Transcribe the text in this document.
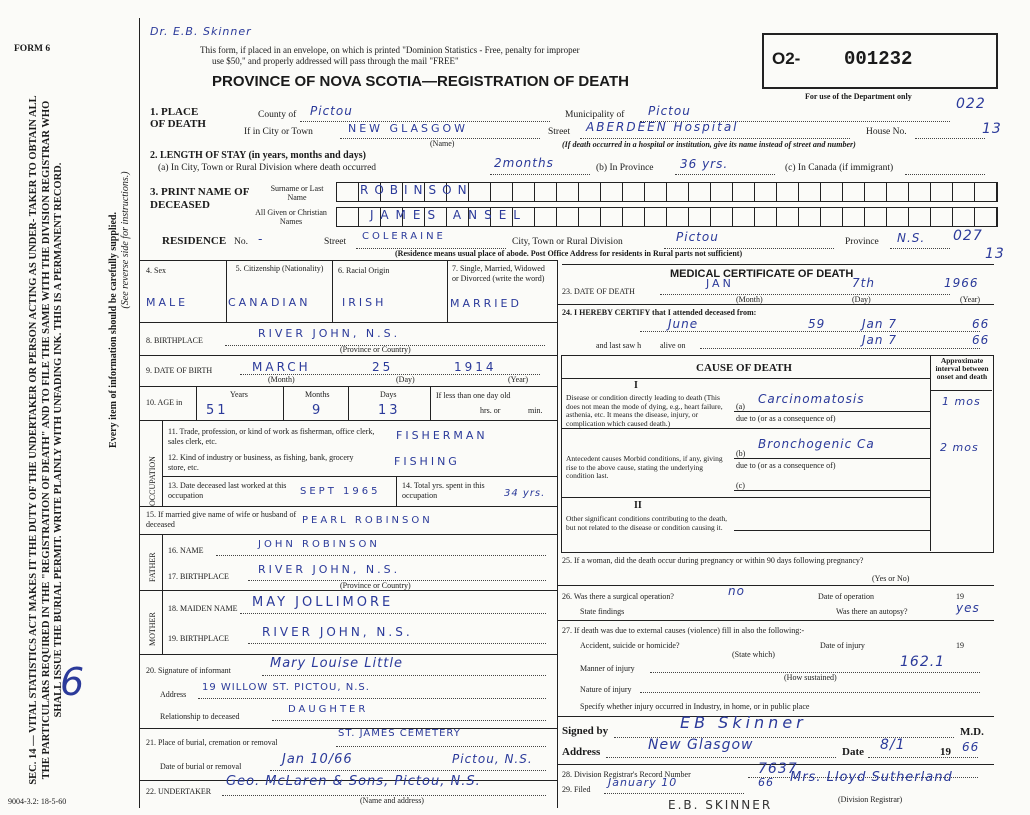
SEC. 14 — VITAL STATISTICS ACT MAKES IT THE DUTY OF THE UNDERTAKER OR PERSON ACTING AS UNDER- TAKER TO OBTAIN ALL THE PARTICULARS REQUIRED IN THE "REGISTRATION OF DEATH" AND TO FILE THE SAME WITH THE DIVISION REGISTRAR WHO SHALL ISSUE THE BURIAL PERMIT. WRITE PLAINLY WITH UNFADING INK. THIS IS A PERMANENT RECORD.	Every item of information should be carefully supplied. (See reverse side for instructions.)
6
9004-3.2: 18-5-60
FORM 6
Dr. E.B. Skinner
This form, if placed in an envelope, on which is printed "Dominion Statistics - Free, penalty for improper
use $50," and properly addressed will pass through the mail "FREE"
PROVINCE OF NOVA SCOTIA—REGISTRATION OF DEATH
O2- 001232
For use of the Department only	022
13
027
13
1. PLACE OF DEATH
County of Pictou	Municipality of Pictou
If in City or Town	NEW GLASGOW
(Name)
Street ABERDEEN Hospital	House No.
(If death occurred in a hospital or institution, give its name instead of street and number)
2. LENGTH OF STAY (in years, months and days)
(a) In City, Town or Rural Division where death occurred	2months	(b) In Province 36 yrs.	(c) In Canada (if immigrant)
3. PRINT NAME OF DECEASED
Surname or Last Name
All Given or Christian Names
ROBINSON
JAMES ANSEL
RESIDENCE No. -	Street COLERAINE	City, Town or Rural Division	Pictou	Province N.S.
(Residence means usual place of abode. Post Office Address for residents in Rural parts not sufficient)
4. Sex
MALE
5. Citizenship (Nationality)
CANADIAN
6. Racial Origin
IRISH
7. Single, Married, Widowed or Divorced (write the word)
MARRIED
8. BIRTHPLACE
RIVER JOHN, N.S.
(Province or Country)
9. DATE OF BIRTH	MARCH	25	1914
(Month)	(Day)	(Year)
10. AGE in
Years
51
Months
9
Days
13
If less than one day old
hrs. or	min.
OCCUPATION
11. Trade, profession, or kind of work as fisherman, office clerk, sales clerk, etc.	FISHERMAN
12. Kind of industry or business, as fishing, bank, grocery store, etc.	FISHING
13. Date deceased last worked at this occupation	SEPT 1965
14. Total yrs. spent in this occupation	34 yrs.
15. If married give name of wife or husband of deceased	PEARL ROBINSON
FATHER
16. NAME
JOHN ROBINSON
17. BIRTHPLACE
RIVER JOHN, N.S.
(Province or Country)
MOTHER
18. MAIDEN NAME MAY JOLLIMORE
19. BIRTHPLACE	RIVER JOHN, N.S.
20. Signature of informant	Mary Louise Little
Address
19 WILLOW ST. PICTOU, N.S.
Relationship to deceased
DAUGHTER
21. Place of burial, cremation or removal
ST. JAMES CEMETERY
Date of burial or removal	Jan 10/66	Pictou, N.S.
22. UNDERTAKER
Geo. McLaren & Sons, Pictou, N.S.
(Name and address)
MEDICAL CERTIFICATE OF DEATH
23. DATE OF DEATH
JAN	7th	1966
(Month)	(Day)	(Year)
24. I HEREBY CERTIFY that I attended deceased from:
June	59	Jan 7	66
and last saw h alive on	Jan 7	66
CAUSE OF DEATH
Approximate interval between onset and death
I
Disease or condition directly leading to death (This does not mean the mode of dying, e.g., heart failure, asthenia, etc. It means the disease, injury, or complication which caused death.)
(a)
Carcinomatosis	1 mos
due to (or as a consequence of)
(b)
Bronchogenic Ca	2 mos
due to (or as a consequence of)
Antecedent causes Morbid conditions, if any, giving rise to the above cause, stating the underlying condition last.
(c)
II
Other significant conditions contributing to the death, but not related to the disease or condition causing it.
25. If a woman, did the death occur during pregnancy or within 90 days following pregnancy?
(Yes or No)
26. Was there a surgical operation?	no	Date of operation	19
State findings	Was there an autopsy?	yes
27. If death was due to external causes (violence) fill in also the following:-
Accident, suicide or homicide?	Date of injury	19
(State which)
Manner of injury	162.1
(How sustained)
Nature of injury
Specify whether injury occurred in Industry, in home, or in public place
Signed by	EB Skinner	M.D.
Address	New Glasgow	Date 8/1	19 66
28. Division Registrar's Record Number	7637
29. Filed
January 10	66 Mrs. Lloyd Sutherland
(Division Registrar)
E.B. SKINNER
